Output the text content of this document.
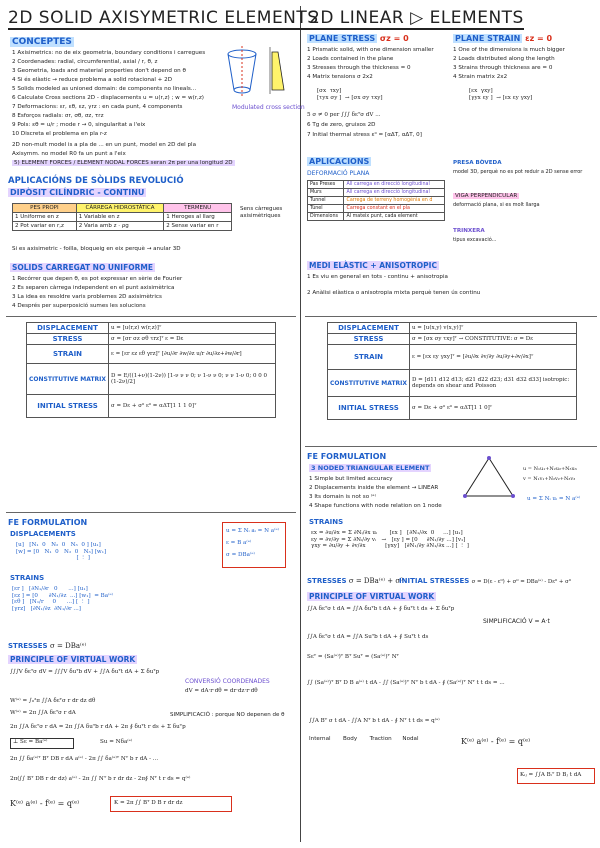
2D SOLID AXISYMETRIC ELEMENTS
CONCEPTES
1 Axisimetrics: no de eix geometria, boundary conditions i carregues
2 Coordenades: radial, circumferential, axial / r, θ, z
3 Geometria, loads and material properties don't depend on θ
4 Si és elàstic → reduce problema a solid rotacional + 2D
5 Solids modeled as unioned domain: de components no lineals...
6 Calculate Cross sections 2D - displacements u = u(r,z) ; w = w(r,z)
7 Deformacions: εr, εθ, εz, γrz : en cada punt, 4 components
8 Esforços radials: σr, σθ, σz, τrz
9 Pols: εθ = u/r ; mode r → 0, singularitat a l'eix
10 Discreta el problema en pla r-z
Modulated cross section
2D non-mult model is a pla de ... en un punt, model en 2D del pla
Axisymm. no model R0 fa un punt a l'eix
5) ELEMENT FORCES / ELEMENT NODAL FORCES seran 2π per una longitud 2D
APLICACIÓNS DE SÒLIDS REVOLUCIÓ
DIPÒSIT CILÍNDRIC - CONTINU
PES PROPI	CÀRREGA HIDROSTÀTICA	TERMENU
1 Uniforme en z	1 Variable en z	1 Heroges al llarg
2 Pot variar en r,z	2 Varia amb z · ρg	2 Sense variar en r
Sens càrregues axisimètriques
Si es axisimetric - foilla, bloqueig en eix perquè → anular 3D
SOLIDS CARREGAT NO UNIFORME
1 Recórrer que depen θ, es pot expressar en sèrie de Fourier
2 Es separen càrrega independent en el punt axisimètrica
3 La idea es resoldre varis problemes 2D axisimètrics
4 Després per superposició sumes les solucions
DISPLACEMENT	u = [u(r,z) w(r,z)]ᵀ
STRESS	σ = [σr σz σθ τrz]ᵀ ε = Dε
STRAIN	ε = [εr εz εθ γrz]ᵀ [∂u/∂r ∂w/∂z u/r ∂u/∂z+∂w/∂r]
CONSTITUTIVE MATRIX	D = E/((1+ν)(1-2ν)) [1-ν ν ν 0; ν 1-ν ν 0; ν ν 1-ν 0; 0 0 0 (1-2ν)/2]
INITIAL STRESS	σ = Dε + σ⁰ ε⁰ = αΔT[1 1 1 0]ᵀ
FE FORMULATION
DISPLACEMENTS
[u]   [N₁  0   N₂  0   N₃  0 ] [u₁]
[w] = [0   N₁  0   N₂  0   N₃] [w₁]
[ ⋮ ]
u = Σ Nᵢ aᵢ = N a⁽ᵉ⁾
ε = B a⁽ᵉ⁾
σ = DBa⁽ᵉ⁾
STRAINS
[εr ]   [∂N₁/∂r   0      ...] [u₁]
[εz ] = [0      ∂N₁/∂z  ...] [w₁]  = Ba⁽ᵉ⁾
[εθ ]   [N₁/r     0      ...] [ ⋮ ]
[γrz]   [∂N₁/∂z  ∂N₁/∂r ...]
STRESSES σ = DBa⁽ᵉ⁾
PRINCIPLE OF VIRTUAL WORK
∫∫∫V δεᵀσ dV = ∫∫∫V δuᵀb dV + ∫∫A δuᵀt dA + Σ δuᵀp
CONVERSIÓ COORDENADES
dV = dA·r·dθ = dr·dz·r·dθ
W⁽ᵉ⁾ = ∫₀²π ∫∫A δεᵀσ r dr dz dθ
W⁽ᵉ⁾ = 2π ∫∫A δεᵀσ r dA	SIMPLIFICACIÓ : porque NO depenen de θ
2π ∫∫A δεᵀσ r dA = 2π ∫∫A δuᵀb r dA + 2π ∮ δuᵀt r ds + Σ δuᵀp
⊥ Sε = Ba⁽ᵉ⁾	Su = Nδa⁽ᵉ⁾
2π ∫∫ δa⁽ᵉ⁾ᵀ Bᵀ DB r dA a⁽ᵉ⁾ - 2π ∫∫ δa⁽ᵉ⁾ᵀ Nᵀ b r dA - ...
2π(∫∫ Bᵀ DB r dr dz) a⁽ᵉ⁾ - 2π ∫∫ Nᵀ b r dr dz - 2π∮ Nᵀ t r ds = q⁽ᵉ⁾
K⁽ᵉ⁾ a⁽ᵉ⁾ - f⁽ᵉ⁾ = q⁽ᵉ⁾	K = 2π ∫∫ Bᵀ D B r dr dz
2D LINEAR ▷ ELEMENTS
PLANE STRESS σz = 0
1 Prismatic solid, with one dimension smaller
2 Loads contained in the plane
3 Stresses through the thickness = 0
4 Matrix tensions σ 2x2
[σx  τxy]
[τyx σy ]  → [σx σy τxy]
5 σ ≠ 0 per ∫∫∫ δεᵀσ dV ...
6 Tg de zero, gruixos 2D
7 Initial thermal stress ε⁰ = [αΔT, αΔT, 0]
PLANE STRAIN εz = 0
1 One of the dimensions is much bigger
2 Loads distributed along the length
3 Strains through thickness are = 0
4 Strain matrix 2x2
[εx  γxy]
[γyx εy ]  → [εx εy γxy]
APLICACIONS
DEFORMACIÓ PLANA
Pas Preses	All carrega en direcció longitudinal
Murs	All carrega en direcció longitudinal
Tunnel	Carrega de terreny homogènia en d
Túnel	Carrega constant en el pla
Dimensions	Al mateix punt, cada element
PRESA BÒVEDA
model 3D, perquè no es pot reduir a 2D sense error
VIGA PERPENDICULAR
deformació plana, si es molt llarga
TRINXERA
tipus excavació...
MEDI ELÀSTIC + ANISOTROPIC
1 Es viu en general en tots - continu + anisotropia
2 Anàlisi elàstica o anisotropia mixta perquè tenen ús continu
DISPLACEMENT	u = [u(x,y) v(x,y)]ᵀ
STRESS	σ = [σx σy τxy]ᵀ → CONSTITUTIVE: σ = Dε
STRAIN	ε = [εx εy γxy]ᵀ = [∂u/∂x ∂v/∂y ∂u/∂y+∂v/∂x]ᵀ
CONSTITUTIVE MATRIX	D = [d11 d12 d13; d21 d22 d23; d31 d32 d33] isotropic: depends on shear and Poisson
INITIAL STRESS	σ = Dε + σ⁰ ε⁰ = αΔT[1 1 0]ᵀ
FE FORMULATION
3 NODED TRIANGULAR ELEMENT
1 Simple but limited accuracy
2 Displacements inside the element → LINEAR
3 Its domain is not so ⁽ᵉ⁾
4 Shape functions with node relation on 1 node
u = N₁u₁+N₂u₂+N₃u₃
v = N₁v₁+N₂v₂+N₃v₃
u = Σ Nᵢ uᵢ = N a⁽ᵉ⁾
STRAINS
εx = ∂u/∂x = Σ ∂Nᵢ/∂x uᵢ       [εx ]   [∂N₁/∂x  0     ...] [u₁]
εy = ∂v/∂y = Σ ∂Nᵢ/∂y vᵢ   →   [εy ] = [0     ∂N₁/∂y ...] [v₁]
γxy = ∂u/∂y + ∂v/∂x           [γxy]   [∂N₁/∂y ∂N₁/∂x ...] [ ⋮ ]
STRESSES σ = DBa⁽ᵉ⁾ + σ⁰
INITIAL STRESSES σ = D(ε - ε⁰) + σ⁰ = DBa⁽ᵉ⁾ - Dε⁰ + σ⁰
PRINCIPLE OF VIRTUAL WORK
∫∫A δεᵀσ t dA = ∫∫A δuᵀb t dA + ∮ δuᵀt t ds + Σ δuᵀp
SIMPLIFICACIÓ V = A·t
∫∫A δεᵀσ t dA = ∫∫A Suᵀb t dA + ∮ Suᵀt t ds
Sεᵀ = (Sa⁽ᵉ⁾)ᵀ Bᵀ Suᵀ = (Sa⁽ᵉ⁾)ᵀ Nᵀ
∫∫ (Sa⁽ᵉ⁾)ᵀ Bᵀ D B a⁽ᵉ⁾ t dA - ∫∫ (Sa⁽ᵉ⁾)ᵀ Nᵀ b t dA - ∮ (Sa⁽ᵉ⁾)ᵀ Nᵀ t t ds = ...
Internal Body Traction Nodal
∫∫A Bᵀ σ t dA - ∫∫A Nᵀ b t dA - ∮ Nᵀ t t ds = q⁽ᵉ⁾
K⁽ᵉ⁾ a⁽ᵉ⁾ - f⁽ᵉ⁾ = q⁽ᵉ⁾
Kᵢⱼ = ∫∫A Bᵢᵀ D Bⱼ t dA
